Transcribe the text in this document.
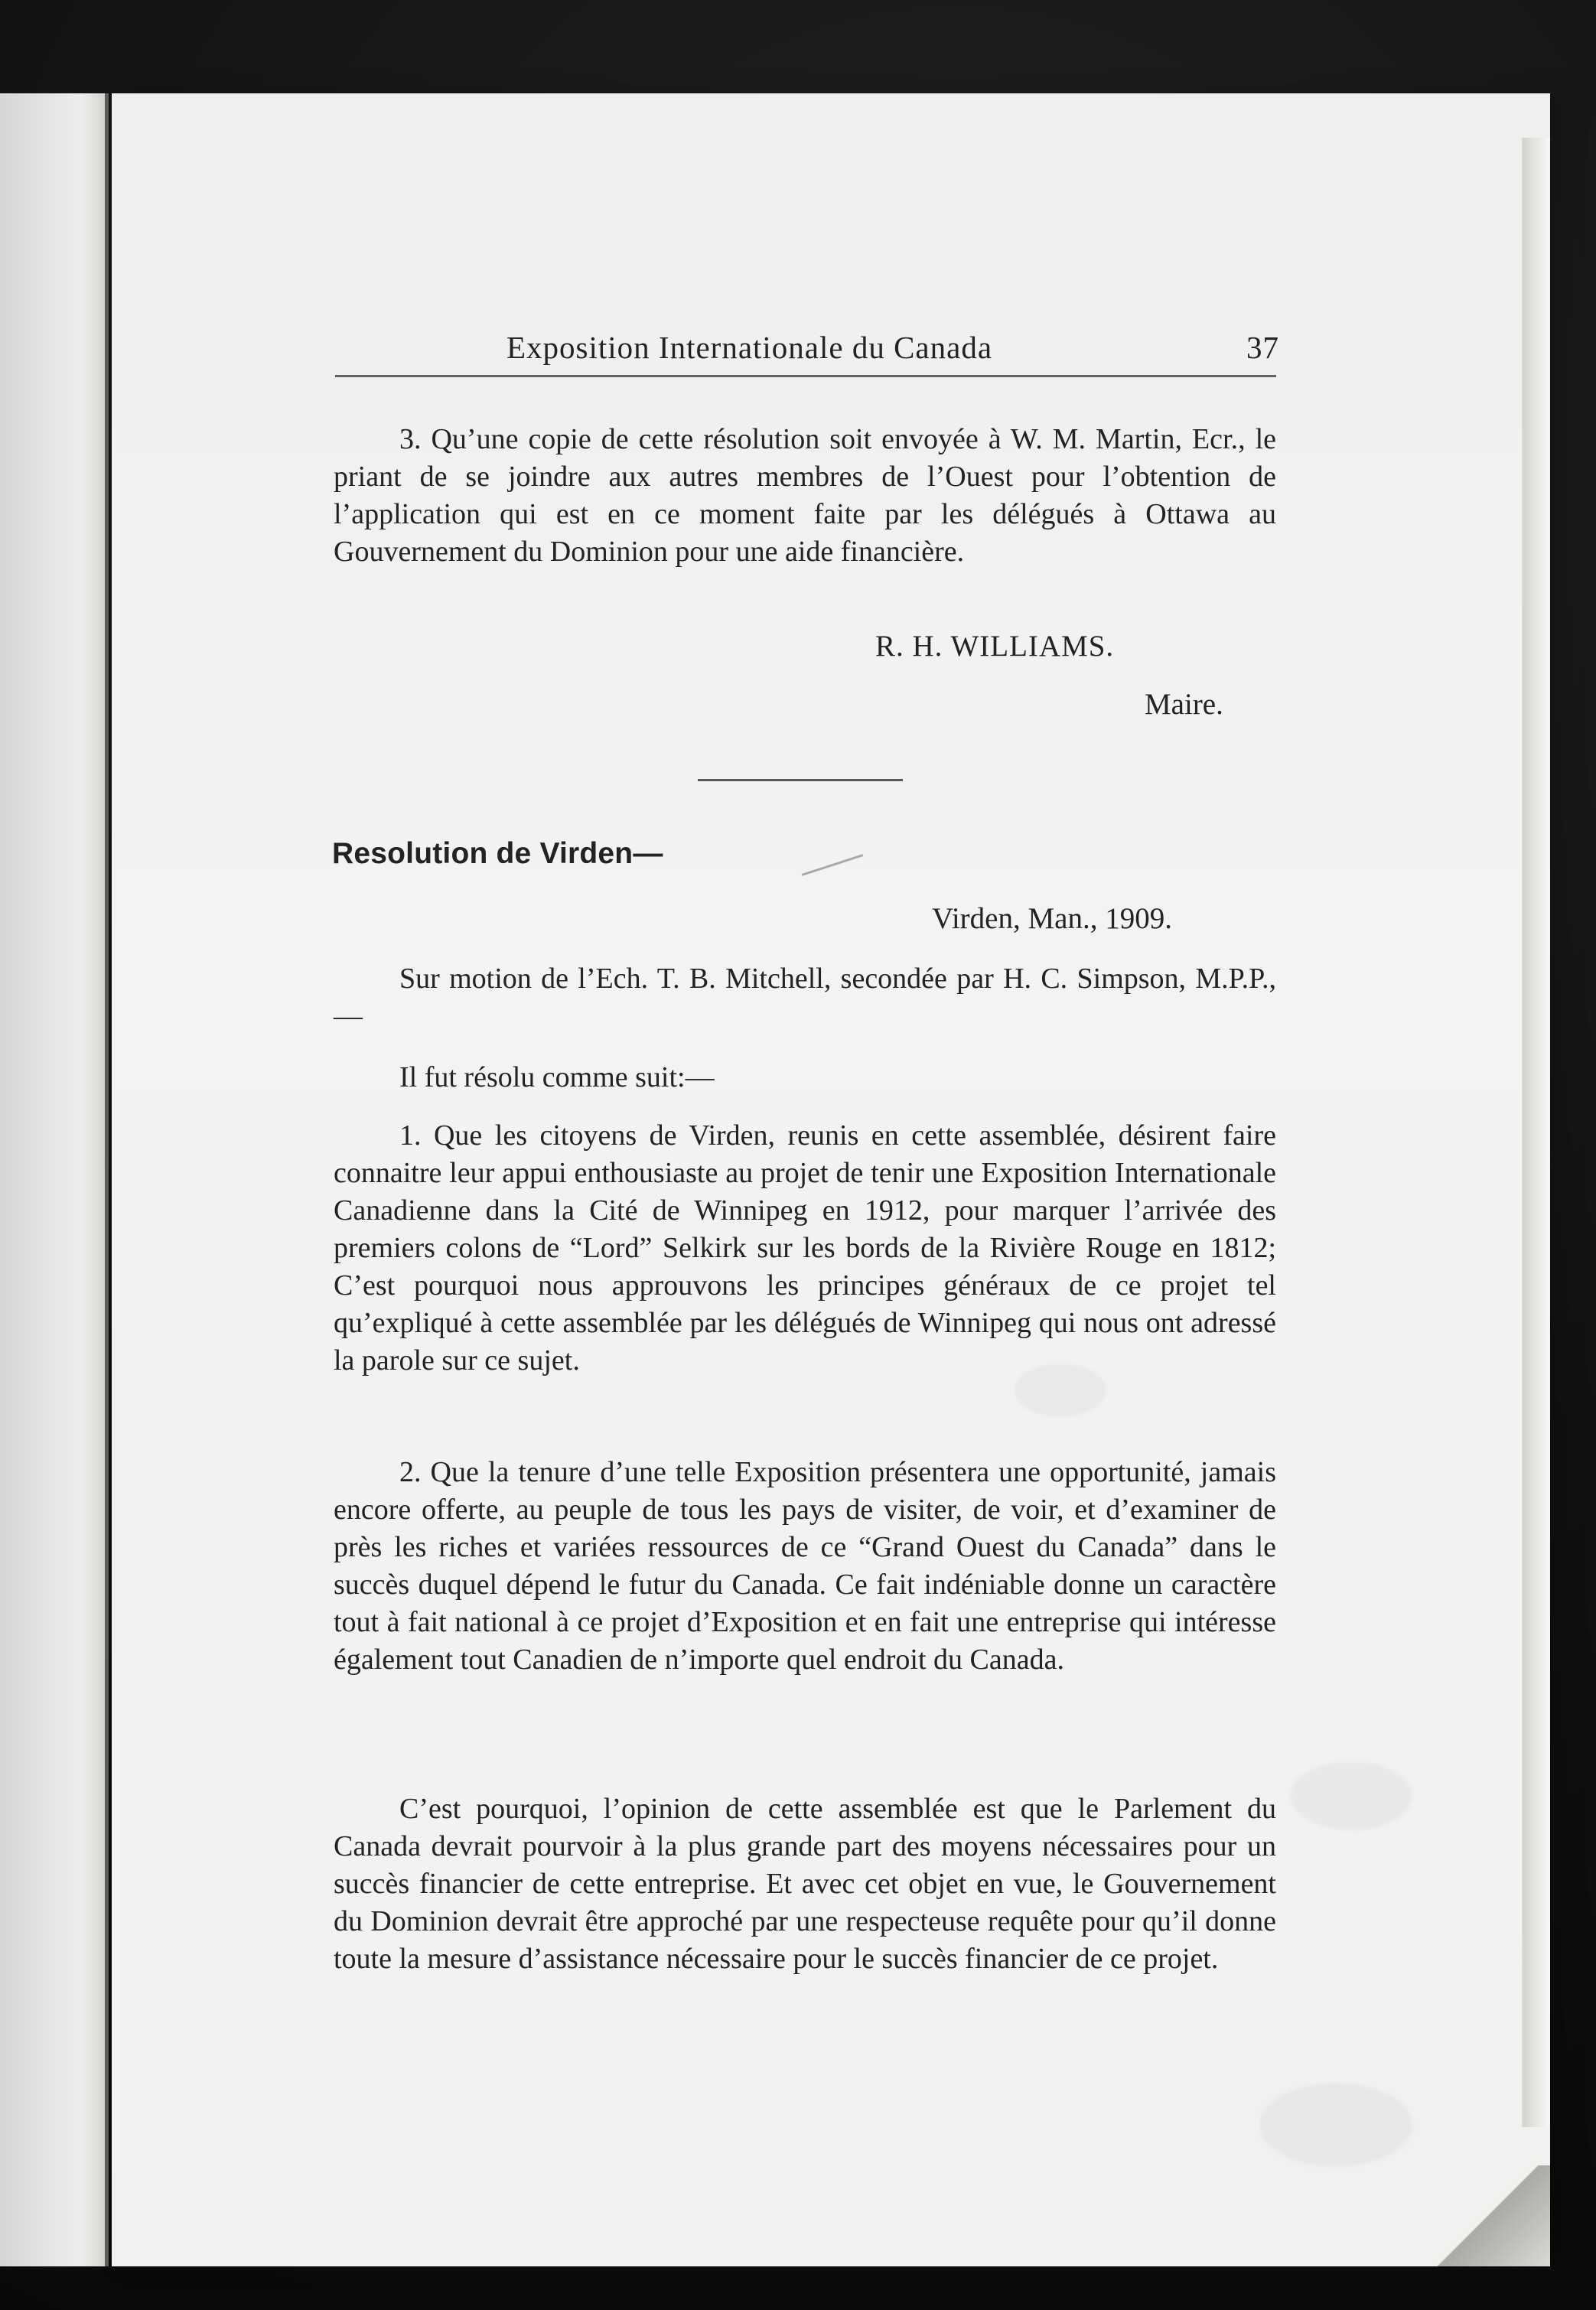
Exposition Internationale du Canada	37

3. Qu’une copie de cette résolution soit envoyée à W. M. Martin, Ecr., le priant de se joindre aux autres membres de l’Ouest pour l’obtention de l’application qui est en ce moment faite par les délégués à Ottawa au Gouvernement du Dominion pour une aide financière.

R. H. WILLIAMS.
Maire.
Resolution de Virden—
Virden, Man., 1909.

Sur motion de l’Ech. T. B. Mitchell, secondée par H. C. Simpson, M.P.P.,—

Il fut résolu comme suit:—

1. Que les citoyens de Virden, reunis en cette assemblée, désirent faire connaitre leur appui enthousiaste au projet de tenir une Exposition Internationale Canadienne dans la Cité de Winnipeg en 1912, pour marquer l’arrivée des premiers colons de “Lord” Selkirk sur les bords de la Rivière Rouge en 1812; C’est pourquoi nous approuvons les principes généraux de ce projet tel qu’expliqué à cette assemblée par les délégués de Winnipeg qui nous ont adressé la parole sur ce sujet.

2. Que la tenure d’une telle Exposition présentera une opportunité, jamais encore offerte, au peuple de tous les pays de visiter, de voir, et d’examiner de près les riches et variées ressources de ce “Grand Ouest du Canada” dans le succès duquel dépend le futur du Canada. Ce fait indéniable donne un caractère tout à fait national à ce projet d’Exposition et en fait une entreprise qui intéresse également tout Canadien de n’importe quel endroit du Canada.

C’est pourquoi, l’opinion de cette assemblée est que le Parlement du Canada devrait pourvoir à la plus grande part des moyens nécessaires pour un succès financier de cette entreprise. Et avec cet objet en vue, le Gouvernement du Dominion devrait être approché par une respecteuse requête pour qu’il donne toute la mesure d’assistance nécessaire pour le succès financier de ce projet.
